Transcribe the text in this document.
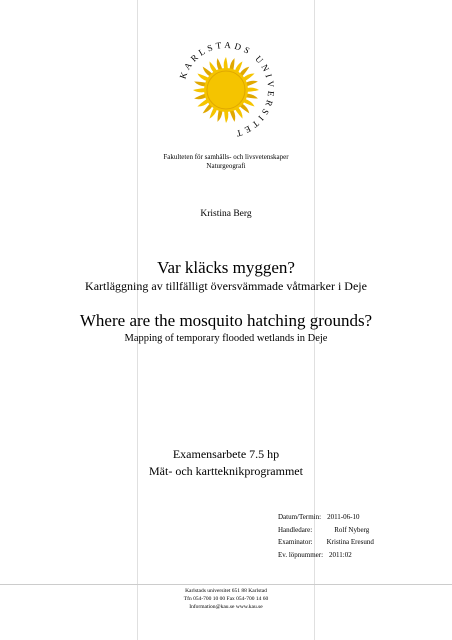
KARLSTADS UNIVERSITET
Fakulteten för samhälls- och livsvetenskaper
Naturgeografi
Kristina Berg
Var kläcks myggen?
Kartläggning av tillfälligt översvämmade våtmarker i Deje
Where are the mosquito hatching grounds?
Mapping of temporary flooded wetlands in Deje
Examensarbete 7.5 hp
Mät- och kartteknikprogrammet
Datum/Termin: 2011-06-10
Handledare:	Rolf Nyberg
Examinator: Kristina Eresund
Ev. löpnummer: 2011:02
Karlstads universitet 651 88 Karlstad
Tfn 054-700 10 00 Fax 054-700 14 60
Information@kau.se www.kau.se
